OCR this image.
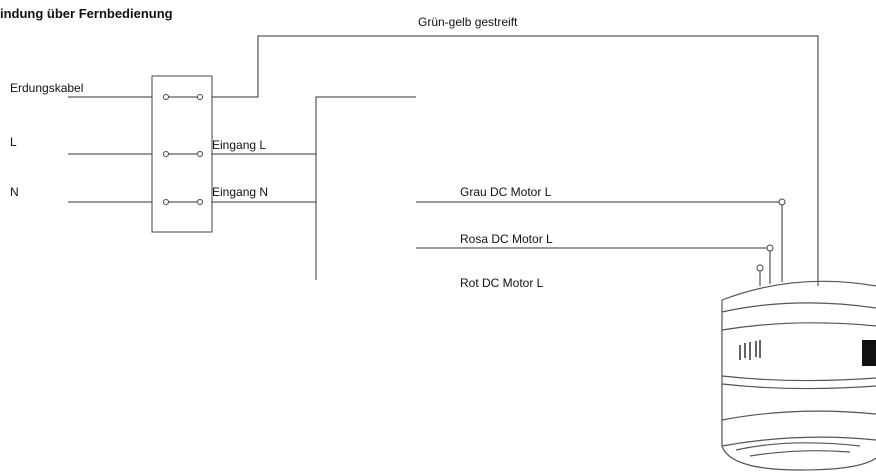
indung über Fernbedienung
Grün-gelb gestreift
Erdungskabel
L
N
Eingang L
Eingang N	Grau DC Motor L
Rosa DC Motor L
Rot DC Motor L
